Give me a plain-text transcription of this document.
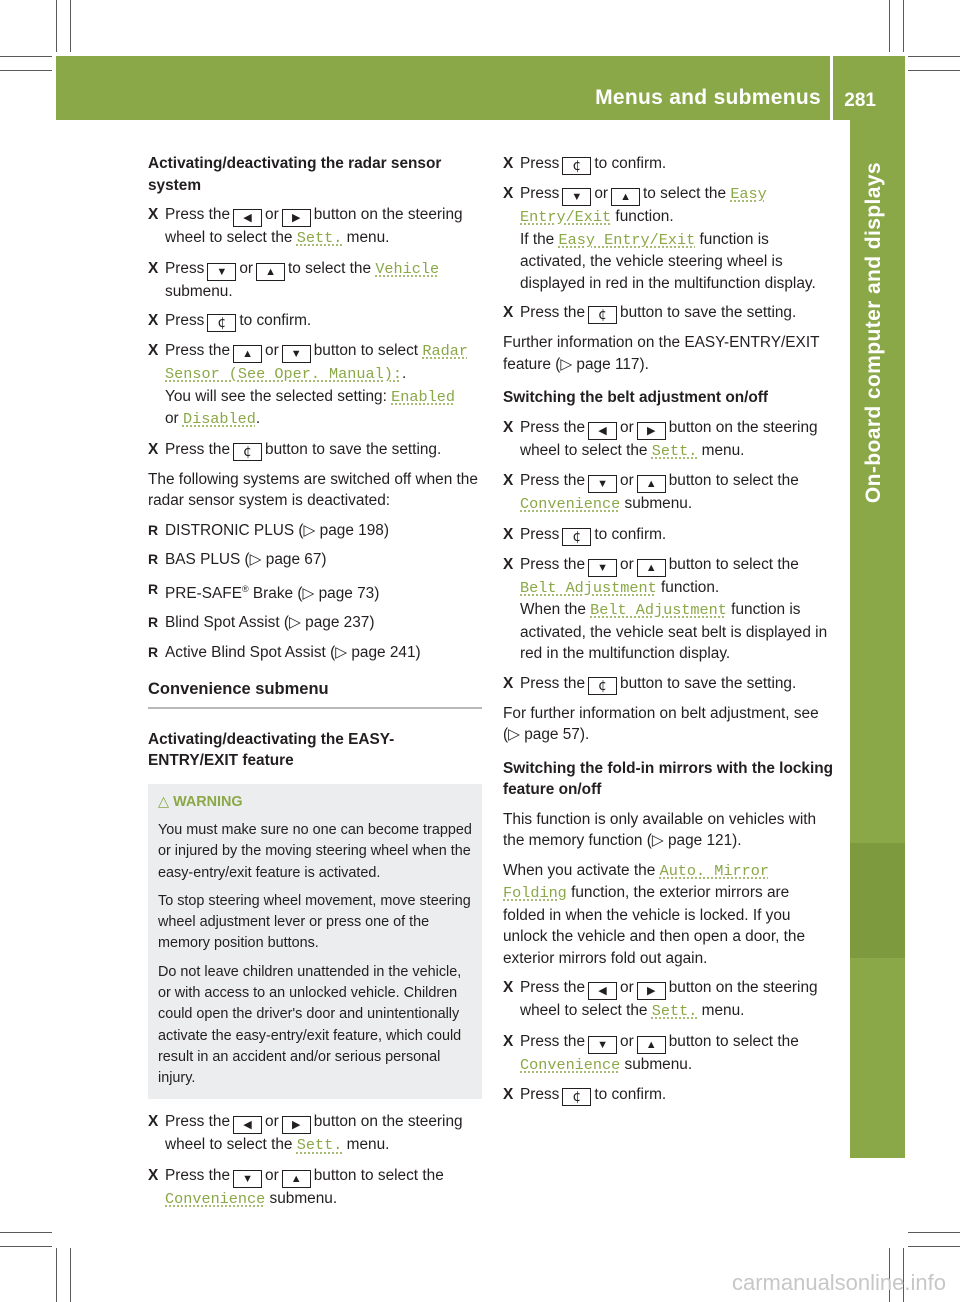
Menus and submenus 281
On-board computer and displays

Activating/deactivating the radar sensor system

X Press the ◀ or ▶ button on the steering wheel to select the Sett. menu.

X Press ▼ or ▲ to select the Vehicle submenu.

X Press ¢ to confirm.

X Press the ▲ or ▼ button to select Radar Sensor (See Oper. Manual):.
You will see the selected setting: Enabled
or Disabled.

X Press the ¢ button to save the setting.

The following systems are switched off when the radar sensor system is deactivated:

R DISTRONIC PLUS (▷ page 198)

R BAS PLUS (▷ page 67)

R PRE-SAFE® Brake (▷ page 73)

R Blind Spot Assist (▷ page 237)

R Active Blind Spot Assist (▷ page 241)

Convenience submenu

Activating/deactivating the EASY-ENTRY/EXIT feature

△ WARNING

You must make sure no one can become trapped or injured by the moving steering wheel when the easy-entry/exit feature is activated.

To stop steering wheel movement, move steering wheel adjustment lever or press one of the memory position buttons.

Do not leave children unattended in the vehicle, or with access to an unlocked vehicle. Children could open the driver's door and unintentionally activate the easy-entry/exit feature, which could result in an accident and/or serious personal injury.

X Press the ◀ or ▶ button on the steering wheel to select the Sett. menu.

X Press the ▼ or ▲ button to select the Convenience submenu.

X Press ¢ to confirm.

X Press ▼ or ▲ to select the Easy Entry/Exit function.
If the Easy Entry/Exit function is activated, the vehicle steering wheel is displayed in red in the multifunction display.

X Press the ¢ button to save the setting.

Further information on the EASY-ENTRY/EXIT feature (▷ page 117).

Switching the belt adjustment on/off

X Press the ◀ or ▶ button on the steering wheel to select the Sett. menu.

X Press the ▼ or ▲ button to select the Convenience submenu.

X Press ¢ to confirm.

X Press the ▼ or ▲ button to select the Belt Adjustment function.
When the Belt Adjustment function is activated, the vehicle seat belt is displayed in red in the multifunction display.

X Press the ¢ button to save the setting.

For further information on belt adjustment, see (▷ page 57).

Switching the fold-in mirrors with the locking feature on/off

This function is only available on vehicles with the memory function (▷ page 121).

When you activate the Auto. Mirror Folding function, the exterior mirrors are folded in when the vehicle is locked. If you unlock the vehicle and then open a door, the exterior mirrors fold out again.

X Press the ◀ or ▶ button on the steering wheel to select the Sett. menu.

X Press the ▼ or ▲ button to select the Convenience submenu.

X Press ¢ to confirm.

carmanualsonline.info
